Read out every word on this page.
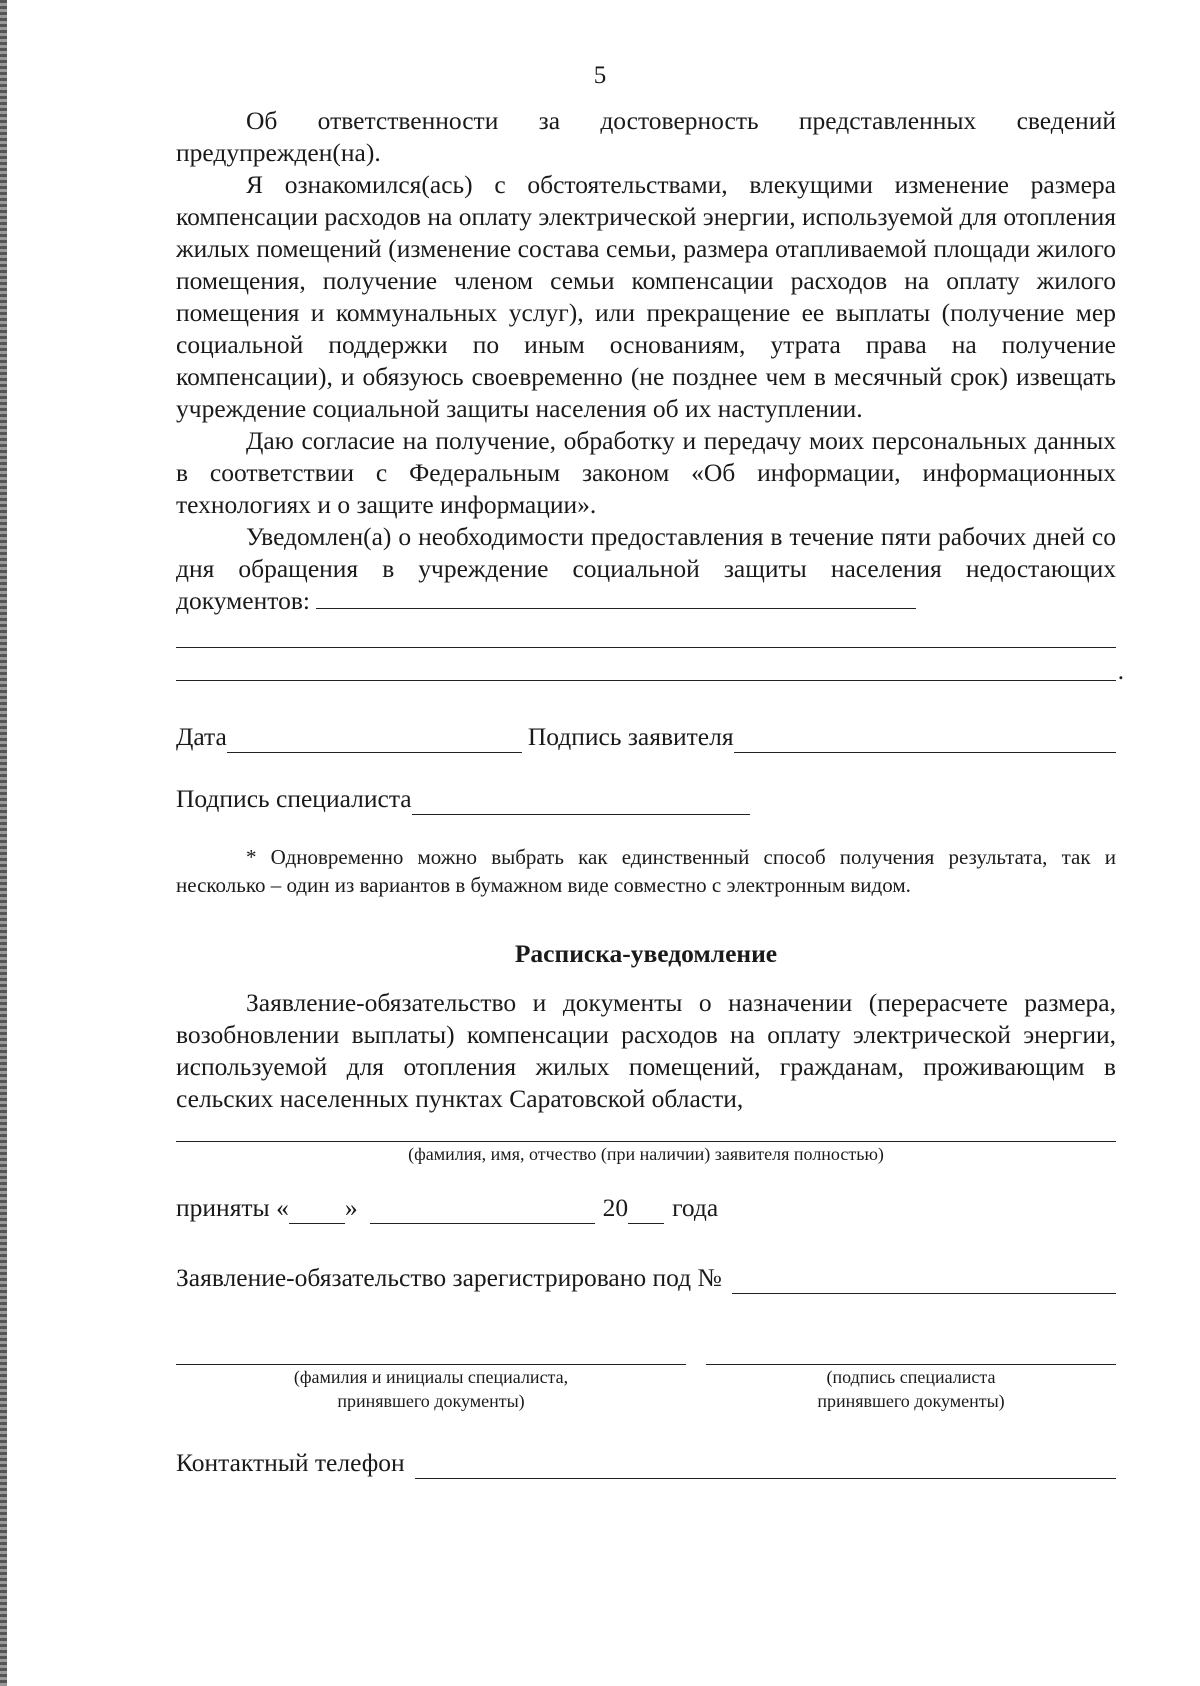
5

Об ответственности за достоверность представленных сведений предупрежден(на).

Я ознакомился(ась) с обстоятельствами, влекущими изменение размера компенсации расходов на оплату электрической энергии, используемой для отопления жилых помещений (изменение состава семьи, размера отапливаемой площади жилого помещения, получение членом семьи компенсации расходов на оплату жилого помещения и коммунальных услуг), или прекращение ее выплаты (получение мер социальной поддержки по иным основаниям, утрата права на получение компенсации), и обязуюсь своевременно (не позднее чем в месячный срок) извещать учреждение социальной защиты населения об их наступлении.

Даю согласие на получение, обработку и передачу моих персональных данных в соответствии с Федеральным законом «Об информации, информационных технологиях и о защите информации».

Уведомлен(а) о необходимости предоставления в течение пяти рабочих дней со дня обращения в учреждение социальной защиты населения недостающих документов:

.
Дата	Подпись заявителя
Подпись специалиста

* Одновременно можно выбрать как единственный способ получения результата, так и несколько – один из вариантов в бумажном виде совместно с электронным видом.

Расписка-уведомление

Заявление-обязательство и документы о назначении (перерасчете размера, возобновлении выплаты) компенсации расходов на оплату электрической энергии, используемой для отопления жилых помещений, гражданам, проживающим в сельских населенных пунктах Саратовской области,

(фамилия, имя, отчество (при наличии) заявителя полностью)
приняты « »	20 года
Заявление-обязательство зарегистрировано под №
(фамилия и инициалы специалиста,
принявшего документы)
(подпись специалиста
принявшего документы)
Контактный телефон
